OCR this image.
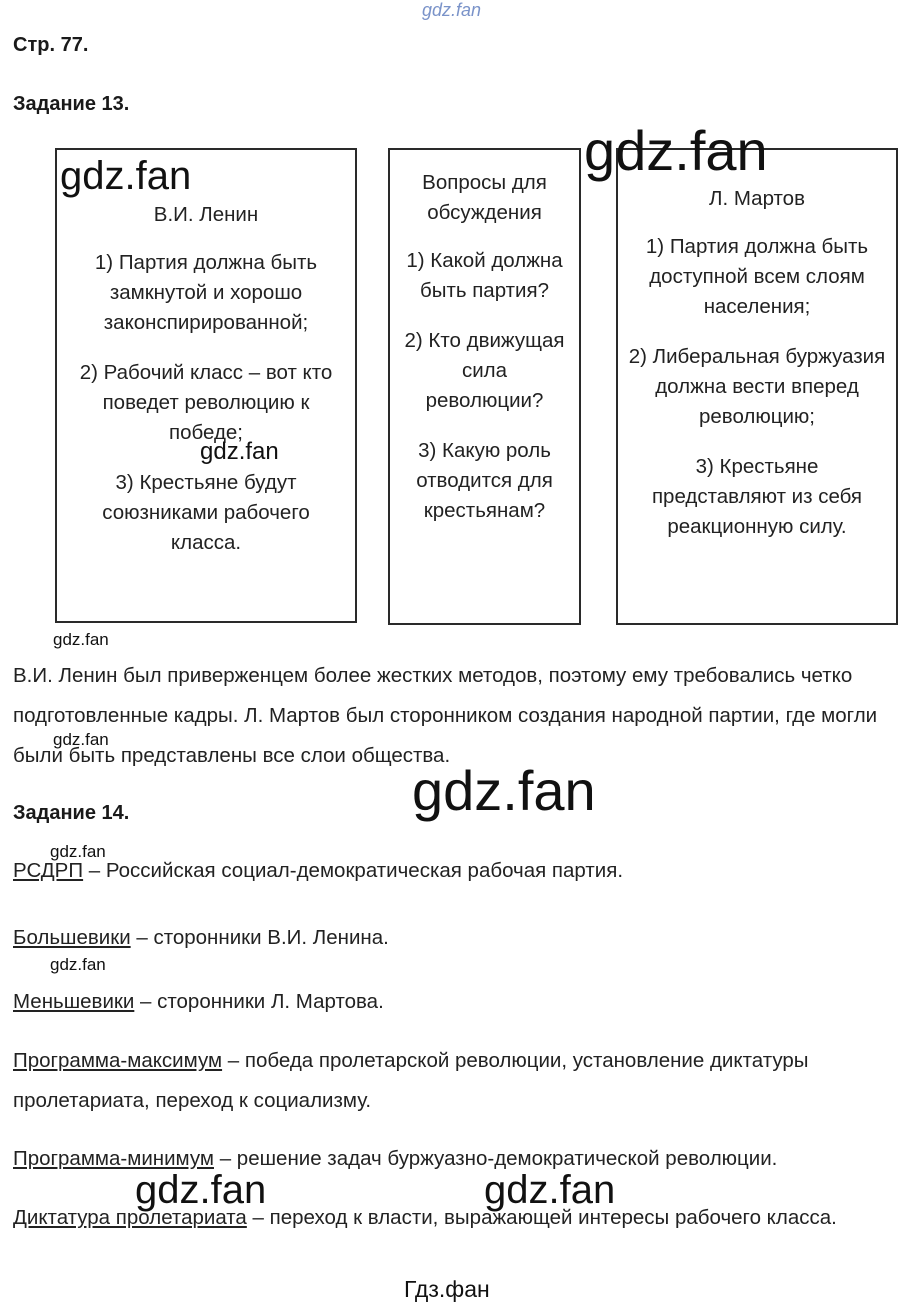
gdz.fan
Стр. 77.
Задание 13.

В.И. Ленин

1) Партия должна быть замкнутой и хорошо законспирированной;

2) Рабочий класс – вот кто поведет революцию к победе;

3) Крестьяне будут союзниками рабочего класса.

Вопросы для обсуждения

1) Какой должна быть партия?

2) Кто движущая сила революции?

3) Какую роль отводится для крестьянам?

Л. Мартов

1) Партия должна быть доступной всем слоям населения;

2) Либеральная буржуазия должна вести вперед революцию;

3) Крестьяне представляют из себя реакционную силу.

В.И. Ленин был приверженцем более жестких методов, поэтому ему требовались четко подготовленные кадры. Л. Мартов был сторонником создания народной партии, где могли были быть представлены все слои общества.
Задание 14.
РСДРП – Российская социал-демократическая рабочая партия.
Большевики – сторонники В.И. Ленина.
Меньшевики – сторонники Л. Мартова.
Программа-максимум – победа пролетарской революции, установление диктатуры пролетариата, переход к социализму.
Программа-минимум – решение задач буржуазно-демократической революции.
Диктатура пролетариата – переход к власти, выражающей интересы рабочего класса.
gdz.fan
gdz.fan
gdz.fan
gdz.fan
gdz.fan
gdz.fan
gdz.fan
gdz.fan
gdz.fan	gdz.fan
Гдз.фан
